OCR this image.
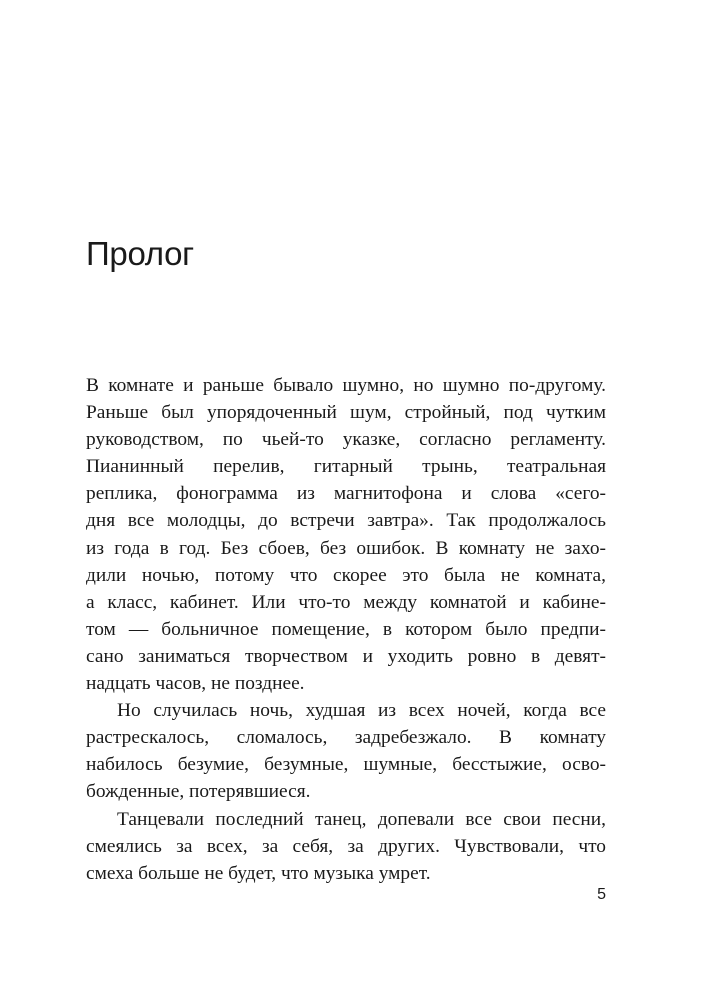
Пролог
В комнате и раньше бывало шумно, но шумно по-другому.
Раньше был упорядоченный шум, стройный, под чутким
руководством, по чьей-то указке, согласно регламенту.
Пианинный перелив, гитарный трынь, театральная
реплика, фонограмма из магнитофона и слова «сего-
дня все молодцы, до встречи завтра». Так продолжалось
из года в год. Без сбоев, без ошибок. В комнату не захо-
дили ночью, потому что скорее это была не комната,
а класс, кабинет. Или что-то между комнатой и кабине-
том — больничное помещение, в котором было предпи-
сано заниматься творчеством и уходить ровно в девят-
надцать часов, не позднее.
Но случилась ночь, худшая из всех ночей, когда все
растрескалось, сломалось, задребезжало. В комнату
набилось безумие, безумные, шумные, бесстыжие, осво-
божденные, потерявшиеся.
Танцевали последний танец, допевали все свои песни,
смеялись за всех, за себя, за других. Чувствовали, что
смеха больше не будет, что музыка умрет.
5
